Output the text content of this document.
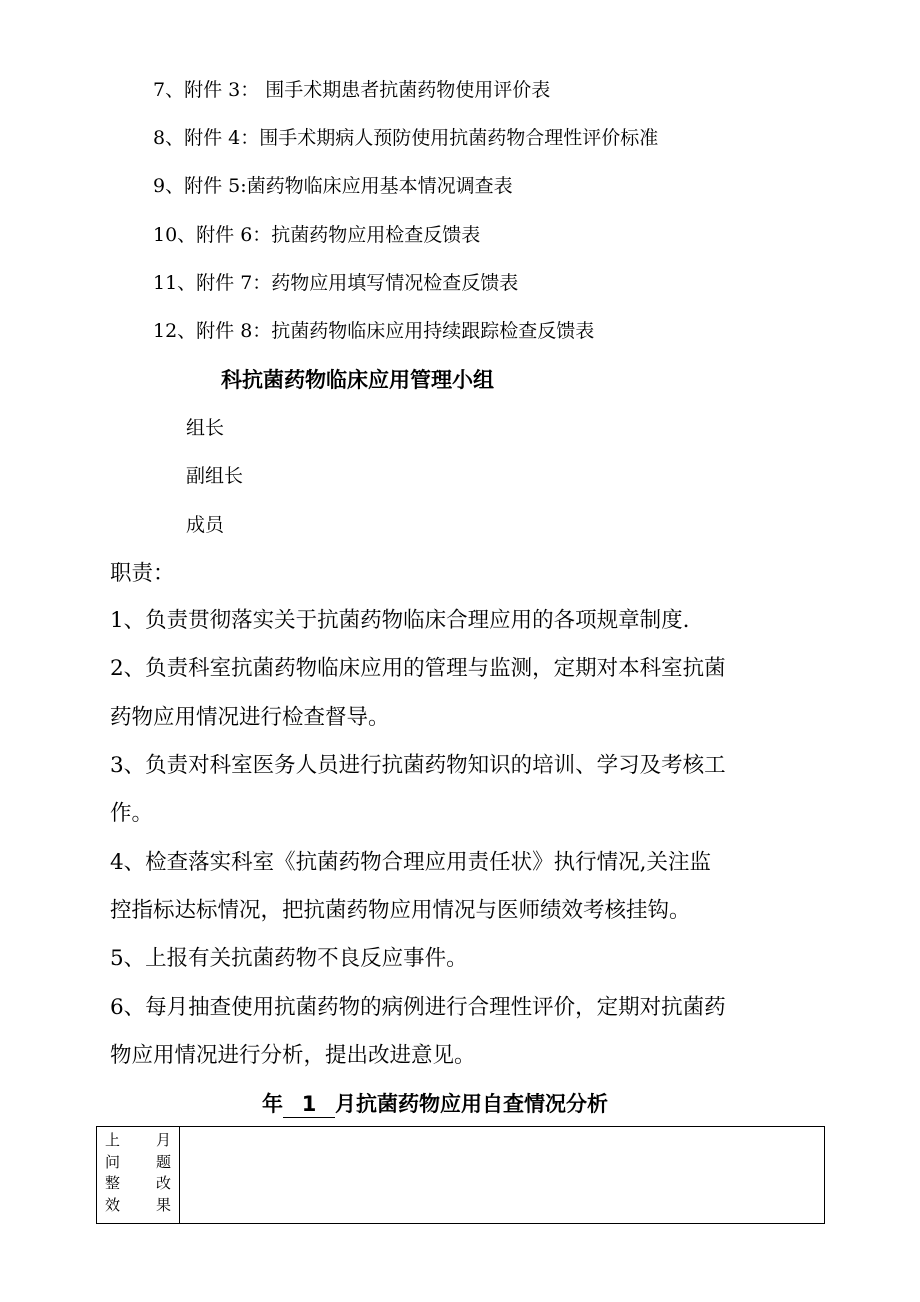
7、附件 3： 围手术期患者抗菌药物使用评价表
8、附件 4：围手术期病人预防使用抗菌药物合理性评价标准
9、附件 5:菌药物临床应用基本情况调查表
10、附件 6：抗菌药物应用检查反馈表
11、附件 7：药物应用填写情况检查反馈表
12、附件 8：抗菌药物临床应用持续跟踪检查反馈表
科抗菌药物临床应用管理小组
组长
副组长
成员
职责：
1、负责贯彻落实关于抗菌药物临床合理应用的各项规章制度.
2、负责科室抗菌药物临床应用的管理与监测，定期对本科室抗菌
药物应用情况进行检查督导。
3、负责对科室医务人员进行抗菌药物知识的培训、学习及考核工
作。
4、检查落实科室《抗菌药物合理应用责任状》执行情况,关注监
控指标达标情况，把抗菌药物应用情况与医师绩效考核挂钩。
5、上报有关抗菌药物不良反应事件。
6、每月抽查使用抗菌药物的病例进行合理性评价，定期对抗菌药
物应用情况进行分析，提出改进意见。
年 1 月抗菌药物应用自查情况分析
上 月
问 题
整 改
效 果
